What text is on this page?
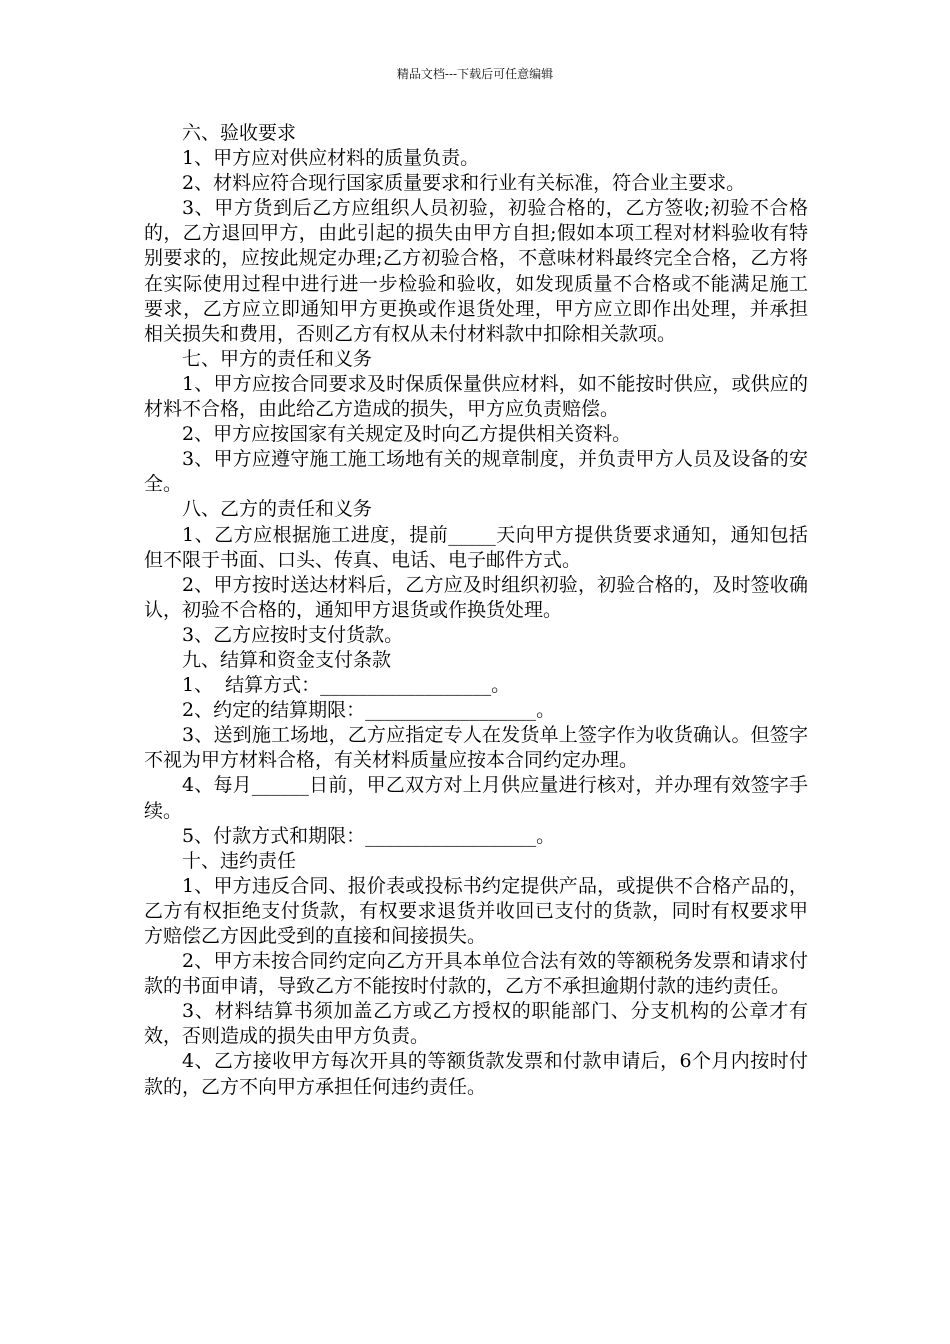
精品文档---下载后可任意编辑

六、验收要求

1、甲方应对供应材料的质量负责。

2、材料应符合现行国家质量要求和行业有关标准，符合业主要求。

3、甲方货到后乙方应组织人员初验，初验合格的，乙方签收;初验不合格的，乙方退回甲方，由此引起的损失由甲方自担;假如本项工程对材料验收有特别要求的，应按此规定办理;乙方初验合格，不意味材料最终完全合格，乙方将在实际使用过程中进行进一步检验和验收，如发现质量不合格或不能满足施工要求，乙方应立即通知甲方更换或作退货处理，甲方应立即作出处理，并承担相关损失和费用，否则乙方有权从未付材料款中扣除相关款项。

七、甲方的责任和义务

1、甲方应按合同要求及时保质保量供应材料，如不能按时供应，或供应的材料不合格，由此给乙方造成的损失，甲方应负责赔偿。

2、甲方应按国家有关规定及时向乙方提供相关资料。

3、甲方应遵守施工施工场地有关的规章制度，并负责甲方人员及设备的安全。

八、乙方的责任和义务

1、乙方应根据施工进度，提前_____天向甲方提供货要求通知，通知包括但不限于书面、口头、传真、电话、电子邮件方式。

2、甲方按时送达材料后，乙方应及时组织初验，初验合格的，及时签收确认，初验不合格的，通知甲方退货或作换货处理。

3、乙方应按时支付货款。

九、结算和资金支付条款

1、  结算方式：__________________。

2、约定的结算期限：__________________。

3、送到施工场地，乙方应指定专人在发货单上签字作为收货确认。但签字不视为甲方材料合格，有关材料质量应按本合同约定办理。

4、每月______日前，甲乙双方对上月供应量进行核对，并办理有效签字手续。

5、付款方式和期限：__________________。

十、违约责任

1、甲方违反合同、报价表或投标书约定提供产品，或提供不合格产品的，乙方有权拒绝支付货款，有权要求退货并收回已支付的货款，同时有权要求甲方赔偿乙方因此受到的直接和间接损失。

2、甲方未按合同约定向乙方开具本单位合法有效的等额税务发票和请求付款的书面申请，导致乙方不能按时付款的，乙方不承担逾期付款的违约责任。

3、材料结算书须加盖乙方或乙方授权的职能部门、分支机构的公章才有效，否则造成的损失由甲方负责。

4、乙方接收甲方每次开具的等额货款发票和付款申请后，6个月内按时付款的，乙方不向甲方承担任何违约责任。
